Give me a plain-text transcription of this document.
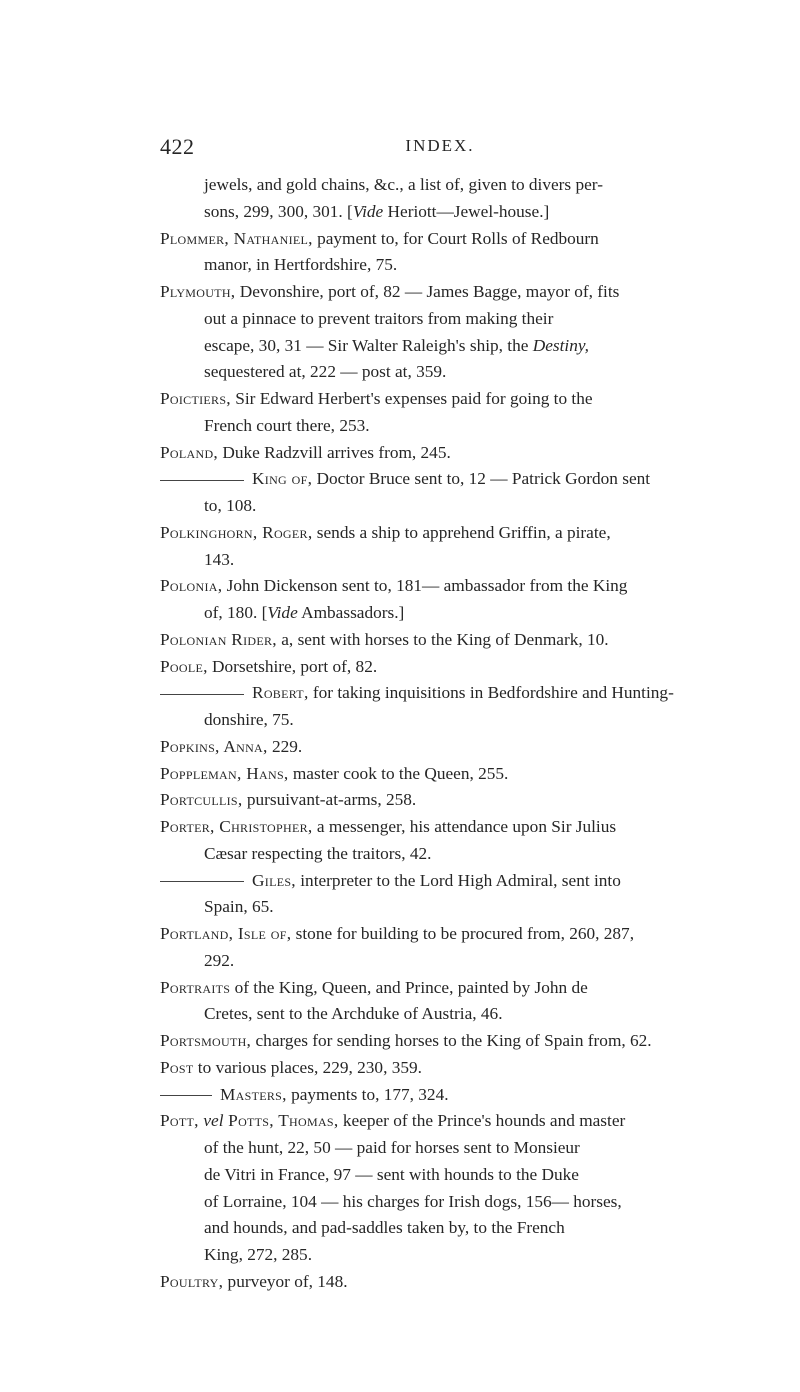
422	INDEX.
jewels, and gold chains, &c., a list of, given to divers per-
sons, 299, 300, 301. [Vide Heriott—Jewel-house.]
Plommer, Nathaniel, payment to, for Court Rolls of Redbourn
manor, in Hertfordshire, 75.
Plymouth, Devonshire, port of, 82 — James Bagge, mayor of, fits
out a pinnace to prevent traitors from making their
escape, 30, 31 — Sir Walter Raleigh's ship, the Destiny,
sequestered at, 222 — post at, 359.
Poictiers, Sir Edward Herbert's expenses paid for going to the
French court there, 253.
Poland, Duke Radzvill arrives from, 245.
King of, Doctor Bruce sent to, 12 — Patrick Gordon sent
to, 108.
Polkinghorn, Roger, sends a ship to apprehend Griffin, a pirate,
143.
Polonia, John Dickenson sent to, 181— ambassador from the King
of, 180. [Vide Ambassadors.]
Polonian Rider, a, sent with horses to the King of Denmark, 10.
Poole, Dorsetshire, port of, 82.
Robert, for taking inquisitions in Bedfordshire and Hunting-
donshire, 75.
Popkins, Anna, 229.
Poppleman, Hans, master cook to the Queen, 255.
Portcullis, pursuivant-at-arms, 258.
Porter, Christopher, a messenger, his attendance upon Sir Julius
Cæsar respecting the traitors, 42.
Giles, interpreter to the Lord High Admiral, sent into
Spain, 65.
Portland, Isle of, stone for building to be procured from, 260, 287,
292.
Portraits of the King, Queen, and Prince, painted by John de
Cretes, sent to the Archduke of Austria, 46.
Portsmouth, charges for sending horses to the King of Spain from, 62.
Post to various places, 229, 230, 359.
Masters, payments to, 177, 324.
Pott, vel Potts, Thomas, keeper of the Prince's hounds and master
of the hunt, 22, 50 — paid for horses sent to Monsieur
de Vitri in France, 97 — sent with hounds to the Duke
of Lorraine, 104 — his charges for Irish dogs, 156— horses,
and hounds, and pad-saddles taken by, to the French
King, 272, 285.
Poultry, purveyor of, 148.
